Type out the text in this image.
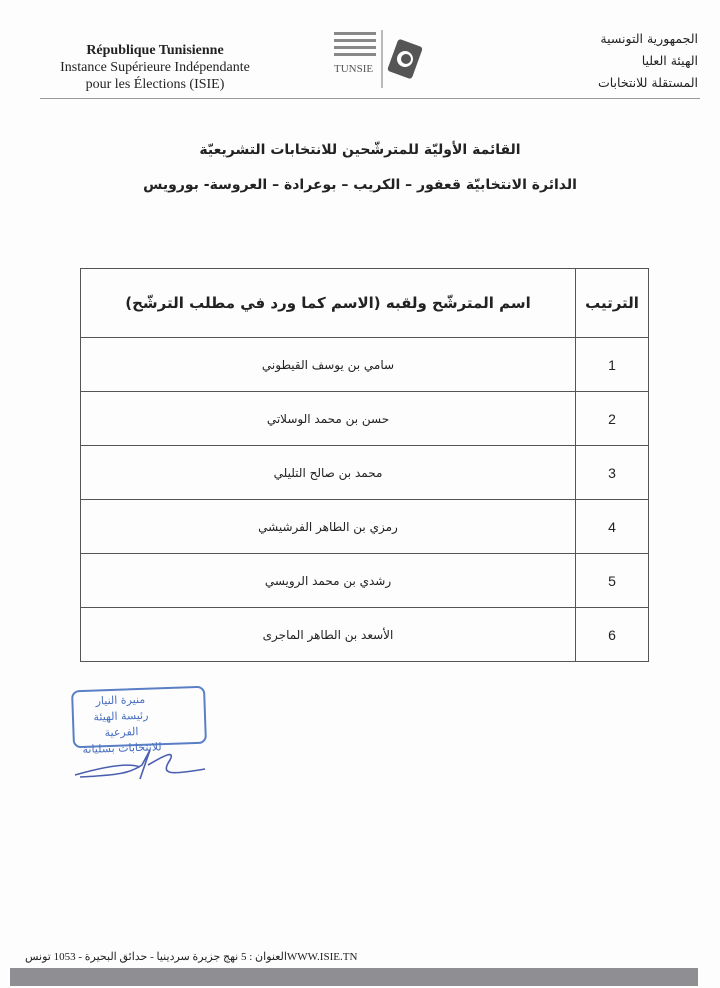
République Tunisienne
Instance Supérieure Indépendante
pour les Élections (ISIE)
TUNSIE
الجمهورية التونسية
الهيئة العليا
المستقلة للانتخابات
القائمة الأوليّة للمترشّحين للانتخابات التشريعيّة
الدائرة الانتخابيّة قعفور – الكريب – بوعرادة – العروسة- بورويس
الترتيب	اسم المترشّح ولقبه (الاسم كما ورد في مطلب الترشّح)
1	سامي بن يوسف القيطوني
2	حسن بن محمد الوسلاتي
3	محمد بن صالح التليلي
4	رمزي بن الطاهر الفرشيشي
5	رشدي بن محمد الرويسي
6	الأسعد بن الطاهر الماجرى
منيرة النيار
رئيسة الهيئة الفرعية
للانتخابات بسليانة
العنوان : 5 نهج جزيرة سردينيا - حدائق البحيرة - 1053 تونسWWW.ISIE.TN
